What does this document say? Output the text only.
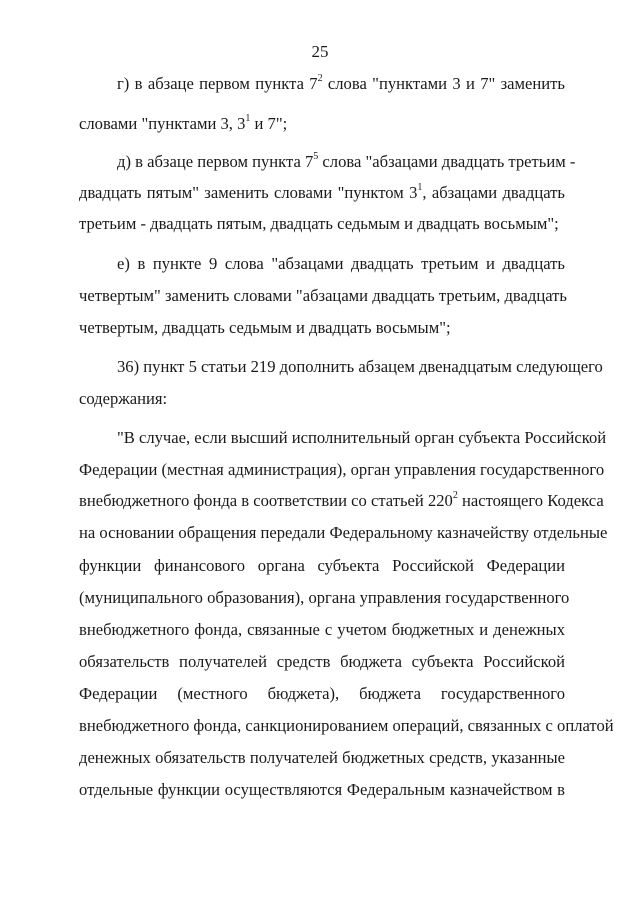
25
г) в абзаце первом пункта $7^2$ слова "пунктами 3 и 7" заменить
словами "пунктами 3, $3^1$ и 7";
д) в абзаце первом пункта $7^5$ слова "абзацами двадцать третьим -
двадцать пятым" заменить словами "пунктом $3^1$, абзацами двадцать
третьим - двадцать пятым, двадцать седьмым и двадцать восьмым";
е) в пункте 9 слова "абзацами двадцать третьим и двадцать
четвертым" заменить словами "абзацами двадцать третьим, двадцать
четвертым, двадцать седьмым и двадцать восьмым";
36) пункт 5 статьи 219 дополнить абзацем двенадцатым следующего
содержания:
"В случае, если высший исполнительный орган субъекта Российской
Федерации (местная администрация), орган управления государственного
внебюджетного фонда в соответствии со статьей $220^2$ настоящего Кодекса
на основании обращения передали Федеральному казначейству отдельные
функции финансового органа субъекта Российской Федерации
(муниципального образования), органа управления государственного
внебюджетного фонда, связанные с учетом бюджетных и денежных
обязательств получателей средств бюджета субъекта Российской
Федерации (местного бюджета), бюджета государственного
внебюджетного фонда, санкционированием операций, связанных с оплатой
денежных обязательств получателей бюджетных средств, указанные
отдельные функции осуществляются Федеральным казначейством в
